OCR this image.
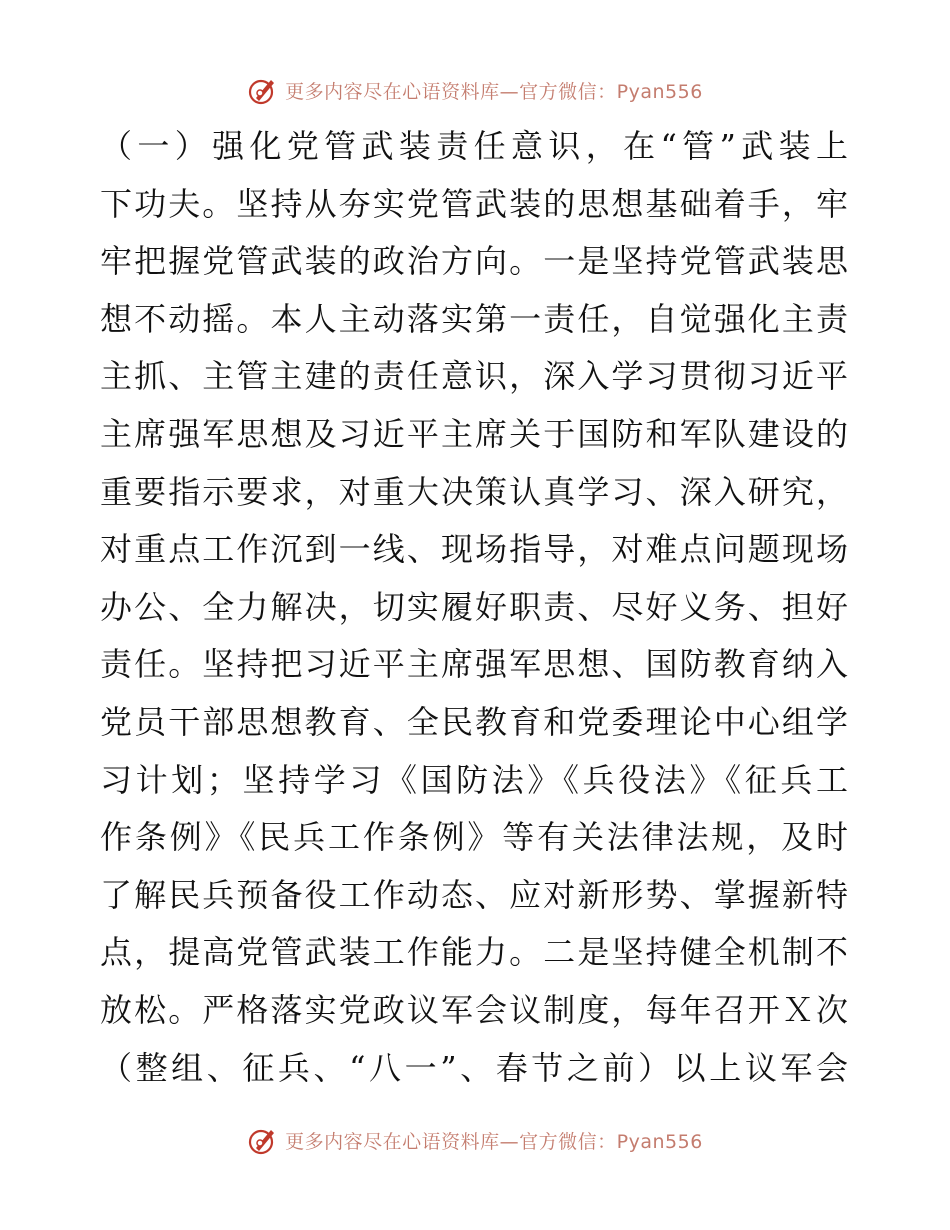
更多内容尽在心语资料库—官方微信：Pyan556
（一）强化党管武装责任意识，在“管”武装上
下功夫。坚持从夯实党管武装的思想基础着手，牢
牢把握党管武装的政治方向。一是坚持党管武装思
想不动摇。本人主动落实第一责任，自觉强化主责
主抓、主管主建的责任意识，深入学习贯彻习近平
主席强军思想及习近平主席关于国防和军队建设的
重要指示要求，对重大决策认真学习、深入研究，
对重点工作沉到一线、现场指导，对难点问题现场
办公、全力解决，切实履好职责、尽好义务、担好
责任。坚持把习近平主席强军思想、国防教育纳入
党员干部思想教育、全民教育和党委理论中心组学
习计划；坚持学习《国防法》《兵役法》《征兵工
作条例》《民兵工作条例》等有关法律法规，及时
了解民兵预备役工作动态、应对新形势、掌握新特
点，提高党管武装工作能力。二是坚持健全机制不
放松。严格落实党政议军会议制度，每年召开Ｘ次
（整组、征兵、“八一”、春节之前）以上议军会
更多内容尽在心语资料库—官方微信：Pyan556
